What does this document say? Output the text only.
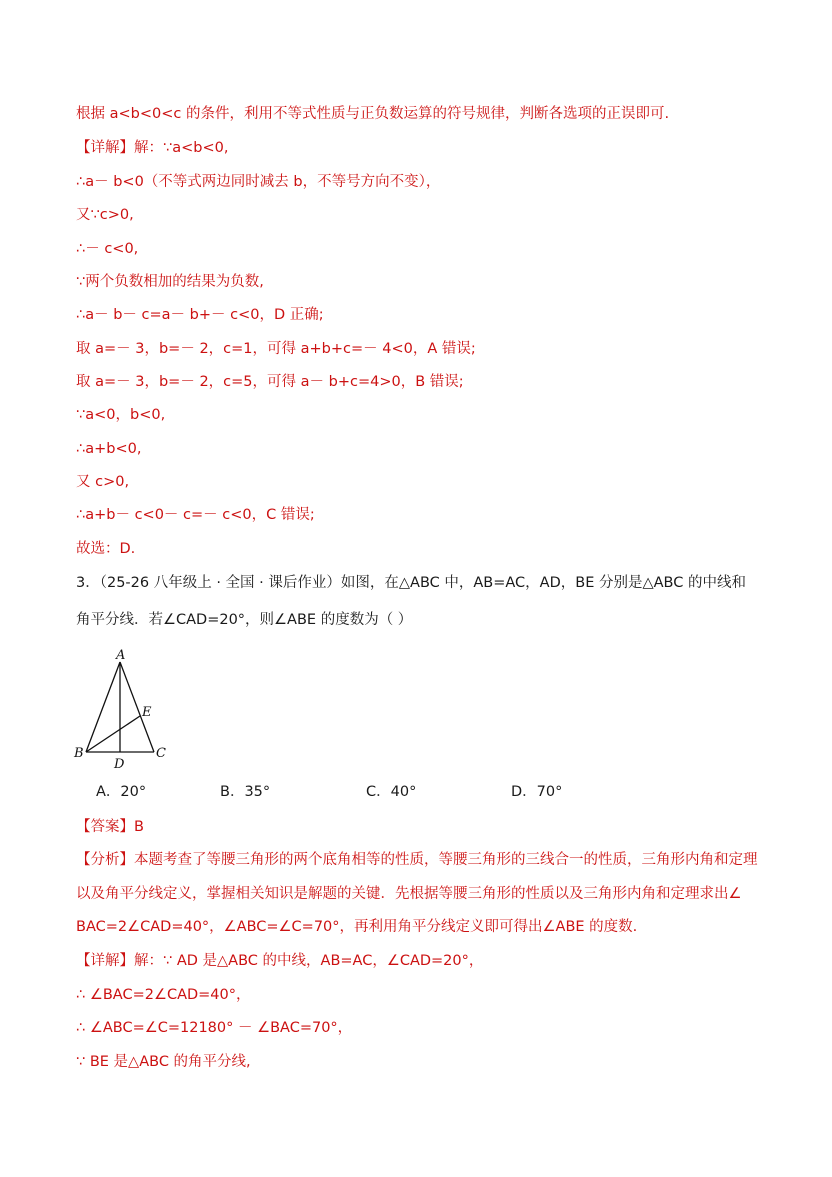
根据 a<b<0<c 的条件，利用不等式性质与正负数运算的符号规律，判断各选项的正误即可.
【详解】解：∵a<b<0,
∴a－ b<0（不等式两边同时减去 b，不等号方向不变），
又∵c>0,
∴－ c<0,
∵两个负数相加的结果为负数,
∴a－ b－ c=a－ b+－ c<0，D 正确;
取 a=－ 3，b=－ 2，c=1，可得 a+b+c=－ 4<0，A 错误;
取 a=－ 3，b=－ 2，c=5，可得 a－ b+c=4>0，B 错误;
∵a<0，b<0,
∴a+b<0,
又 c>0,
∴a+b－ c<0－ c=－ c<0，C 错误;
故选：D.
3．（25-26 八年级上 · 全国 · 课后作业）如图，在△ABC 中，AB=AC，AD，BE 分别是△ABC 的中线和
角平分线．若∠CAD=20°，则∠ABE 的度数为（ ）
A
B	C
D
E
A．20°	B．35°	C．40°	D．70°
【答案】B
【分析】本题考查了等腰三角形的两个底角相等的性质，等腰三角形的三线合一的性质，三角形内角和定理
以及角平分线定义，掌握相关知识是解题的关键．先根据等腰三角形的性质以及三角形内角和定理求出∠
BAC=2∠CAD=40°，∠ABC=∠C=70°，再利用角平分线定义即可得出∠ABE 的度数.
【详解】解：∵ AD 是△ABC 的中线，AB=AC，∠CAD=20°，
∴ ∠BAC=2∠CAD=40°，
∴ ∠ABC=∠C=12180° － ∠BAC=70°，
∵ BE 是△ABC 的角平分线,
